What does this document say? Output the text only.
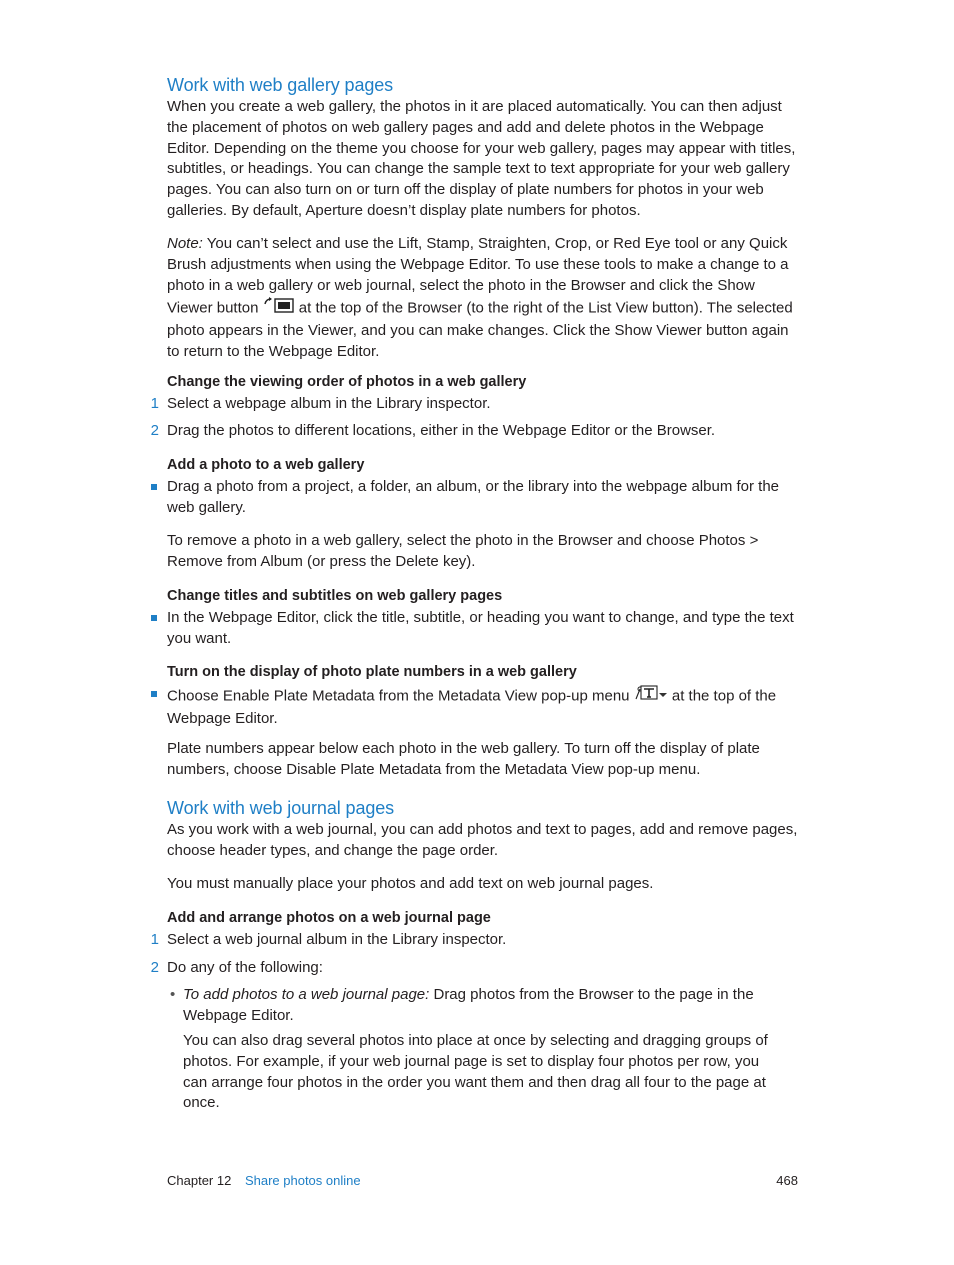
Work with web gallery pages

When you create a web gallery, the photos in it are placed automatically. You can then adjust the placement of photos on web gallery pages and add and delete photos in the Webpage Editor. Depending on the theme you choose for your web gallery, pages may appear with titles, subtitles, or headings. You can change the sample text to text appropriate for your web gallery pages. You can also turn on or turn off the display of plate numbers for photos in your web galleries. By default, Aperture doesn’t display plate numbers for photos.

Note: You can’t select and use the Lift, Stamp, Straighten, Crop, or Red Eye tool or any Quick Brush adjustments when using the Webpage Editor. To use these tools to make a change to a photo in a web gallery or web journal, select the photo in the Browser and click the Show Viewer button	at the top of the Browser (to the right of the List View button). The selected photo appears in the Viewer, and you can make changes. Click the Show Viewer button again to return to the Webpage Editor.

Change the viewing order of photos in a web gallery

1 Select a webpage album in the Library inspector.
2 Drag the photos to different locations, either in the Webpage Editor or the Browser.

Add a photo to a web gallery

Drag a photo from a project, a folder, an album, or the library into the webpage album for the web gallery.

To remove a photo in a web gallery, select the photo in the Browser and choose Photos > Remove from Album (or press the Delete key).

Change titles and subtitles on web gallery pages

In the Webpage Editor, click the title, subtitle, or heading you want to change, and type the text you want.

Turn on the display of photo plate numbers in a web gallery

Choose Enable Plate Metadata from the Metadata View pop-up menu	at the top of the Webpage Editor.

Plate numbers appear below each photo in the web gallery. To turn off the display of plate numbers, choose Disable Plate Metadata from the Metadata View pop-up menu.

Work with web journal pages

As you work with a web journal, you can add photos and text to pages, add and remove pages, choose header types, and change the page order.

You must manually place your photos and add text on web journal pages.

Add and arrange photos on a web journal page

1 Select a web journal album in the Library inspector.
2 Do any of the following:
• To add photos to a web journal page: Drag photos from the Browser to the page in the Webpage Editor.

You can also drag several photos into place at once by selecting and dragging groups of photos. For example, if your web journal page is set to display four photos per row, you can arrange four photos in the order you want them and then drag all four to the page at once.

Chapter 12 Share photos online	468
